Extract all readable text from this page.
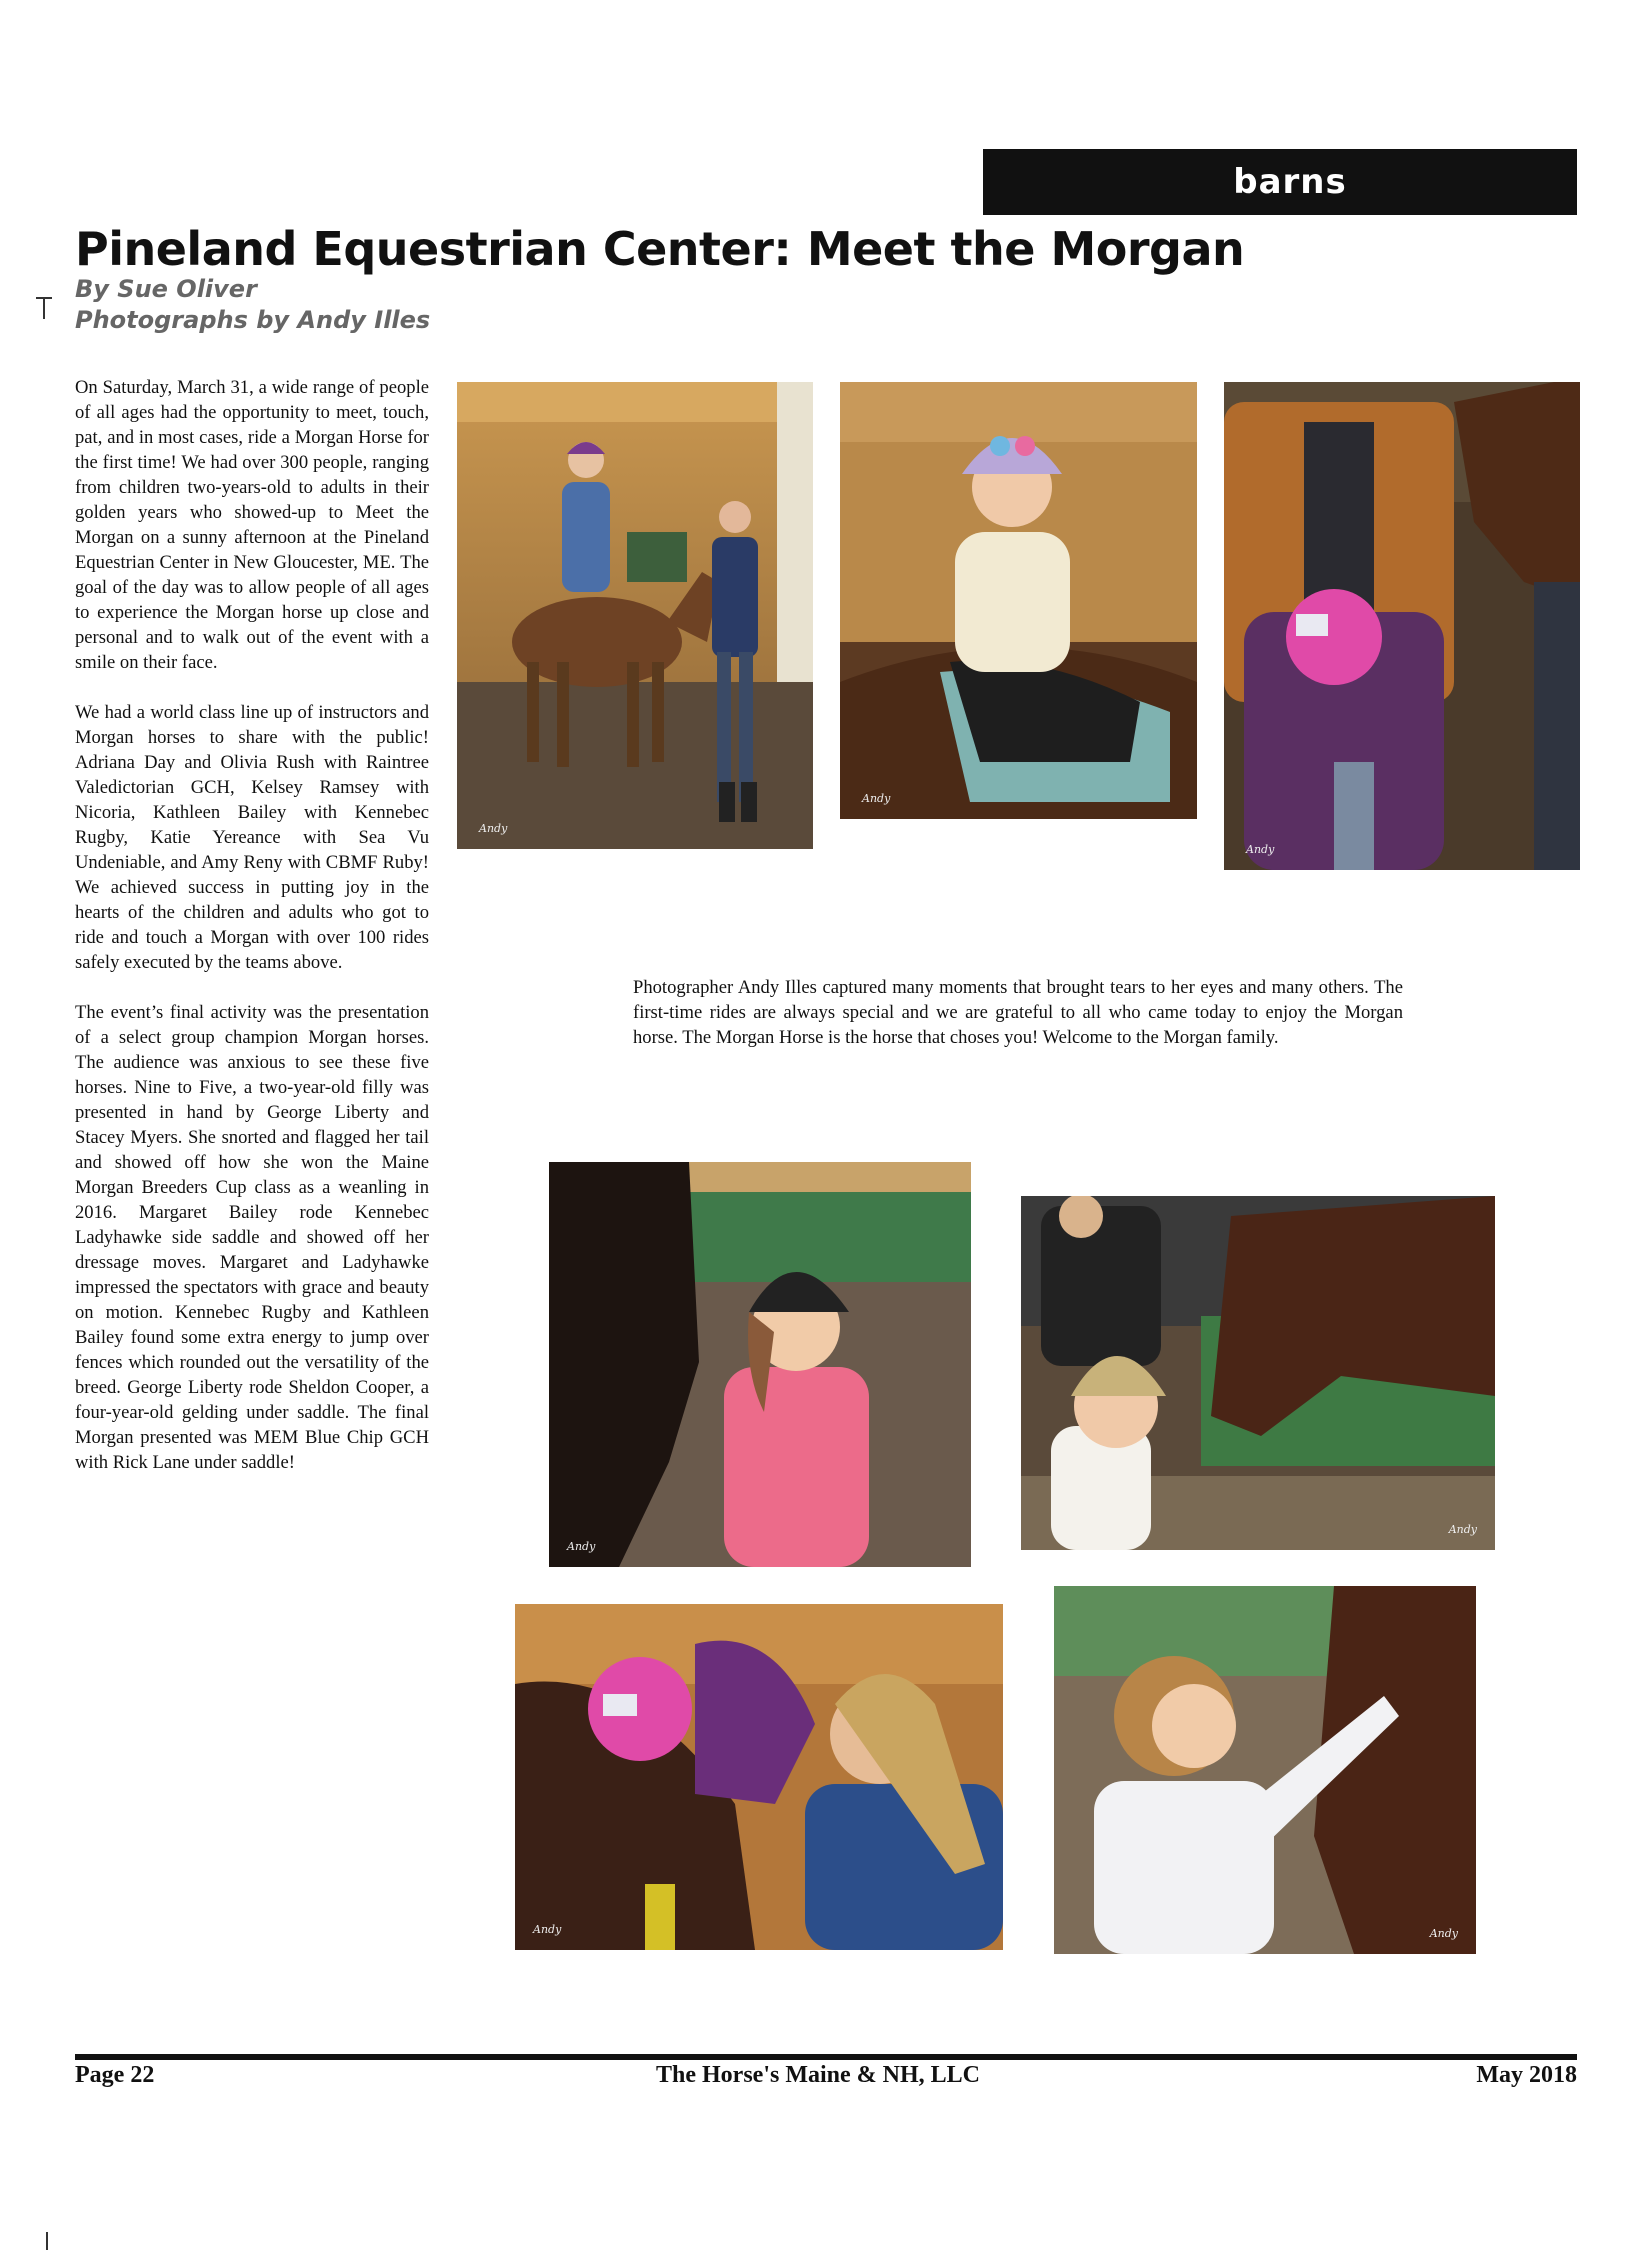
barns
Pineland Equestrian Center: Meet the Morgan
By Sue Oliver
Photographs by Andy Illes

On Saturday, March 31, a wide range of people of all ages had the opportunity to meet, touch, pat, and in most cases, ride a Morgan Horse for the first time! We had over 300 people, ranging from children two-years-old to adults in their golden years who showed-up to Meet the Morgan on a sunny afternoon at the Pineland Equestrian Center in New Gloucester, ME. The goal of the day was to allow people of all ages to experience the Morgan horse up close and personal and to walk out of the event with a smile on their face.

We had a world class line up of instructors and Morgan horses to share with the public! Adriana Day and Olivia Rush with Raintree Valedictorian GCH, Kelsey Ramsey with Nicoria, Kathleen Bailey with Kennebec Rugby, Katie Yereance with Sea Vu Undeniable, and Amy Reny with CBMF Ruby! We achieved success in putting joy in the hearts of the children and adults who got to ride and touch a Morgan with over 100 rides safely executed by the teams above.

The event’s final activity was the presentation of a select group champion Morgan horses. The audience was anxious to see these five horses. Nine to Five, a two-year-old filly was presented in hand by George Liberty and Stacey Myers. She snorted and flagged her tail and showed off how she won the Maine Morgan Breeders Cup class as a weanling in 2016. Margaret Bailey rode Kennebec Ladyhawke side saddle and showed off her dressage moves. Margaret and Ladyhawke impressed the spectators with grace and beauty on motion. Kennebec Rugby and Kathleen Bailey found some extra energy to jump over fences which rounded out the versatility of the breed. George Liberty rode Sheldon Cooper, a four-year-old gelding under saddle. The final Morgan presented was MEM Blue Chip GCH with Rick Lane under saddle!

Andy
Andy
Andy
Andy
Andy
Andy	Andy
Photographer Andy Illes captured many moments that brought tears to her eyes and many others. The first-time rides are always special and we are grateful to all who came today to enjoy the Morgan horse. The Morgan Horse is the horse that choses you! Welcome to the Morgan family.
Page 22	The Horse's Maine & NH, LLC	May 2018
